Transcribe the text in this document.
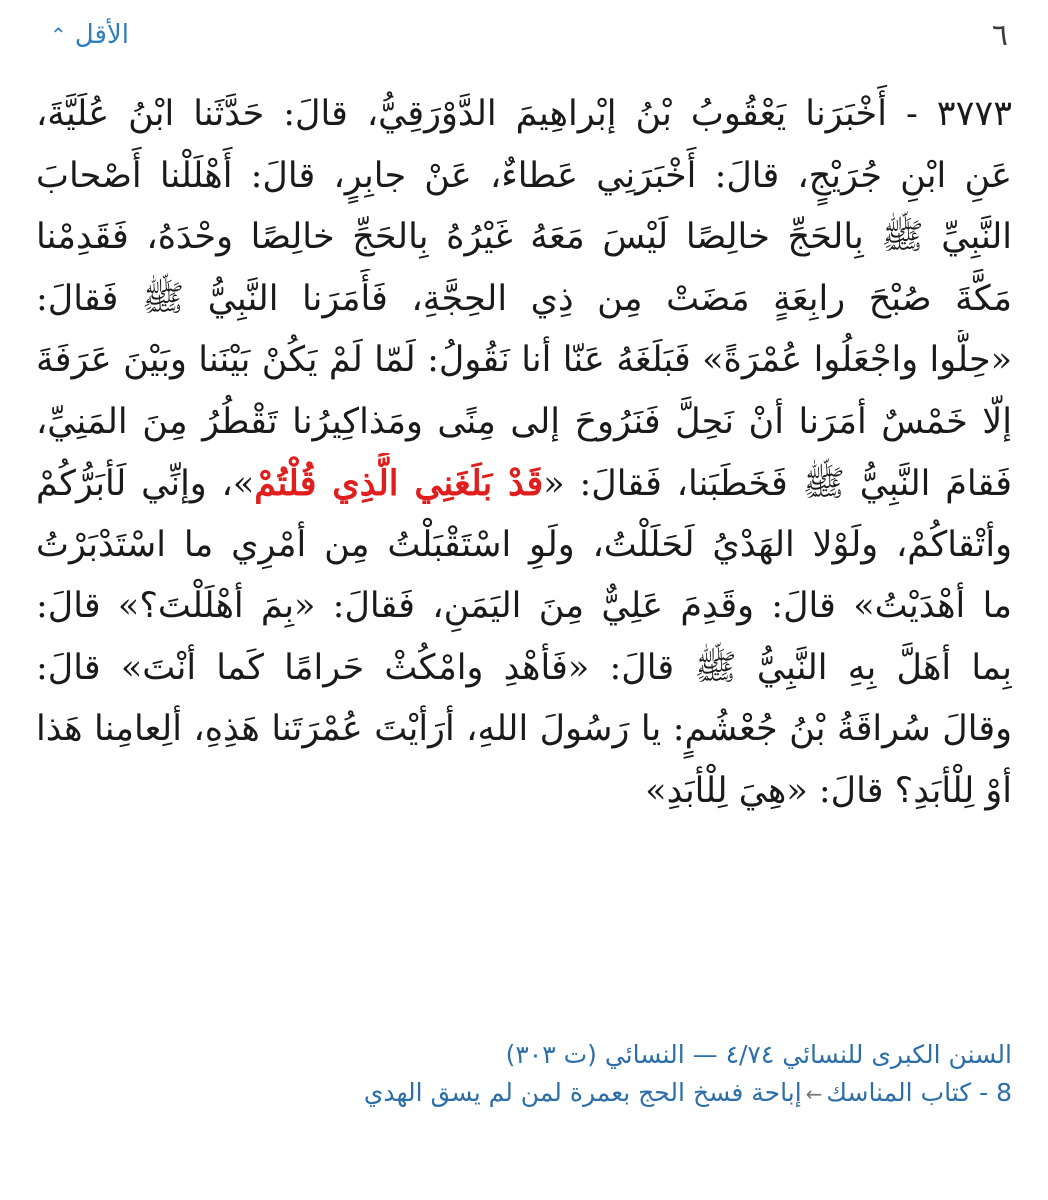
٦
الأقل
⌃
٣٧٧٣ - أَخْبَرَنا يَعْقُوبُ بْنُ إبْراهِيمَ الدَّوْرَقِيُّ، قالَ: حَدَّثَنا ابْنُ عُلَيَّةَ،
عَنِ ابْنِ جُرَيْجٍ، قالَ: أَخْبَرَنِي عَطاءٌ، عَنْ جابِرٍ، قالَ: أَهْلَلْنا أَصْحابَ
النَّبِيِّ ﷺ بِالحَجِّ خالِصًا لَيْسَ مَعَهُ غَيْرُهُ بِالحَجِّ خالِصًا وحْدَهُ، فَقَدِمْنا
مَكَّةَ صُبْحَ رابِعَةٍ مَضَتْ مِن ذِي الحِجَّةِ، فَأَمَرَنا النَّبِيُّ ﷺ فَقالَ:
«حِلُّوا واجْعَلُوا عُمْرَةً» فَبَلَغَهُ عَنّا أنا نَقُولُ: لَمّا لَمْ يَكُنْ بَيْنَنا وبَيْنَ عَرَفَةَ
إلّا خَمْسٌ أمَرَنا أنْ نَحِلَّ فَنَرُوحَ إلى مِنًى ومَذاكِيرُنا تَقْطُرُ مِنَ المَنِيِّ،
فَقامَ النَّبِيُّ ﷺ فَخَطَبَنا، فَقالَ: «قَدْ بَلَغَنِي الَّذِي قُلْتُمْ»، وإنِّي لَأبَرُّكُمْ
وأتْقاكُمْ، ولَوْلا الهَدْيُ لَحَلَلْتُ، ولَوِ اسْتَقْبَلْتُ مِن أمْرِي ما اسْتَدْبَرْتُ
ما أهْدَيْتُ» قالَ: وقَدِمَ عَلِيٌّ مِنَ اليَمَنِ، فَقالَ: «بِمَ أهْلَلْتَ؟» قالَ:
بِما أهَلَّ بِهِ النَّبِيُّ ﷺ قالَ: «فَأهْدِ وامْكُثْ حَرامًا كَما أنْتَ» قالَ:
وقالَ سُراقَةُ بْنُ جُعْشُمٍ: يا رَسُولَ اللهِ، أرَأيْتَ عُمْرَتَنا هَذِهِ، ألِعامِنا هَذا
أوْ لِلْأبَدِ؟ قالَ: «هِيَ لِلْأبَدِ»
السنن الكبرى للنسائي ٤/٧٤ — النسائي (ت ٣٠٣)
8 - كتاب المناسك←إباحة فسخ الحج بعمرة لمن لم يسق الهدي
